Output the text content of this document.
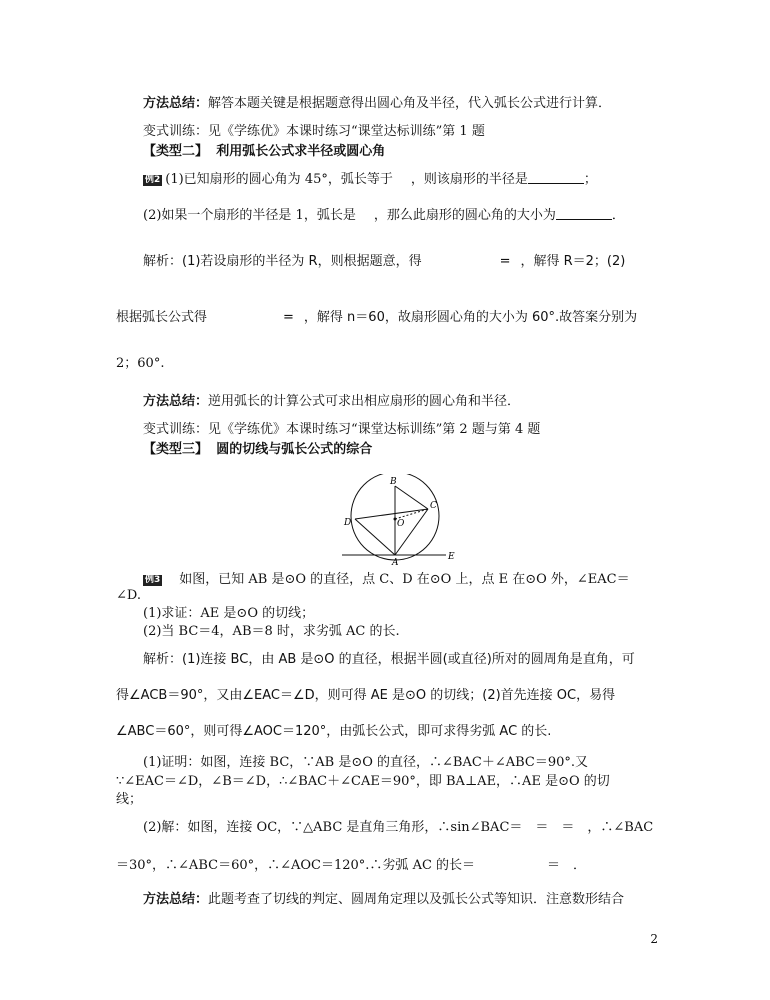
方法总结：解答本题关键是根据题意得出圆心角及半径，代入弧长公式进行计算．
变式训练：见《学练优》本课时练习“课堂达标训练”第 1 题
【类型二】 利用弧长公式求半径或圆心角
例2 (1)已知扇形的圆心角为 45°，弧长等于 ，则该扇形的半径是	；
(2)如果一个扇形的半径是 1，弧长是 ，那么此扇形的圆心角的大小为	．
解析：(1)若设扇形的半径为 R，则根据题意，得	= ，解得 R＝2；(2)
根据弧长公式得	= ，解得 n＝60，故扇形圆心角的大小为 60°.故答案分别为
2；60°.
方法总结：逆用弧长的计算公式可求出相应扇形的圆心角和半径．
变式训练：见《学练优》本课时练习“课堂达标训练”第 2 题与第 4 题
【类型三】 圆的切线与弧长公式的综合
B
C
D	O
A
E
例3 如图，已知 AB 是⊙O 的直径，点 C、D 在⊙O 上，点 E 在⊙O 外，∠EAC＝
∠D.
(1)求证：AE 是⊙O 的切线；
(2)当 BC＝4，AB＝8 时，求劣弧 AC 的长.
解析：(1)连接 BC，由 AB 是⊙O 的直径，根据半圆(或直径)所对的圆周角是直角，可
得∠ACB＝90°，又由∠EAC＝∠D，则可得 AE 是⊙O 的切线；(2)首先连接 OC，易得
∠ABC＝60°，则可得∠AOC＝120°，由弧长公式，即可求得劣弧 AC 的长.
(1)证明：如图，连接 BC，∵AB 是⊙O 的直径，∴∠BAC＋∠ABC＝90°.又
∵∠EAC＝∠D，∠B＝∠D，∴∠BAC＋∠CAE＝90°，即 BA⊥AE，∴AE 是⊙O 的切
线；
(2)解：如图，连接 OC，∵△ABC 是直角三角形，∴sin∠BAC＝　＝　＝　，∴∠BAC
＝30°，∴∠ABC＝60°，∴∠AOC＝120°.∴劣弧 AC 的长＝	＝　．
方法总结：此题考查了切线的判定、圆周角定理以及弧长公式等知识．注意数形结合
2
